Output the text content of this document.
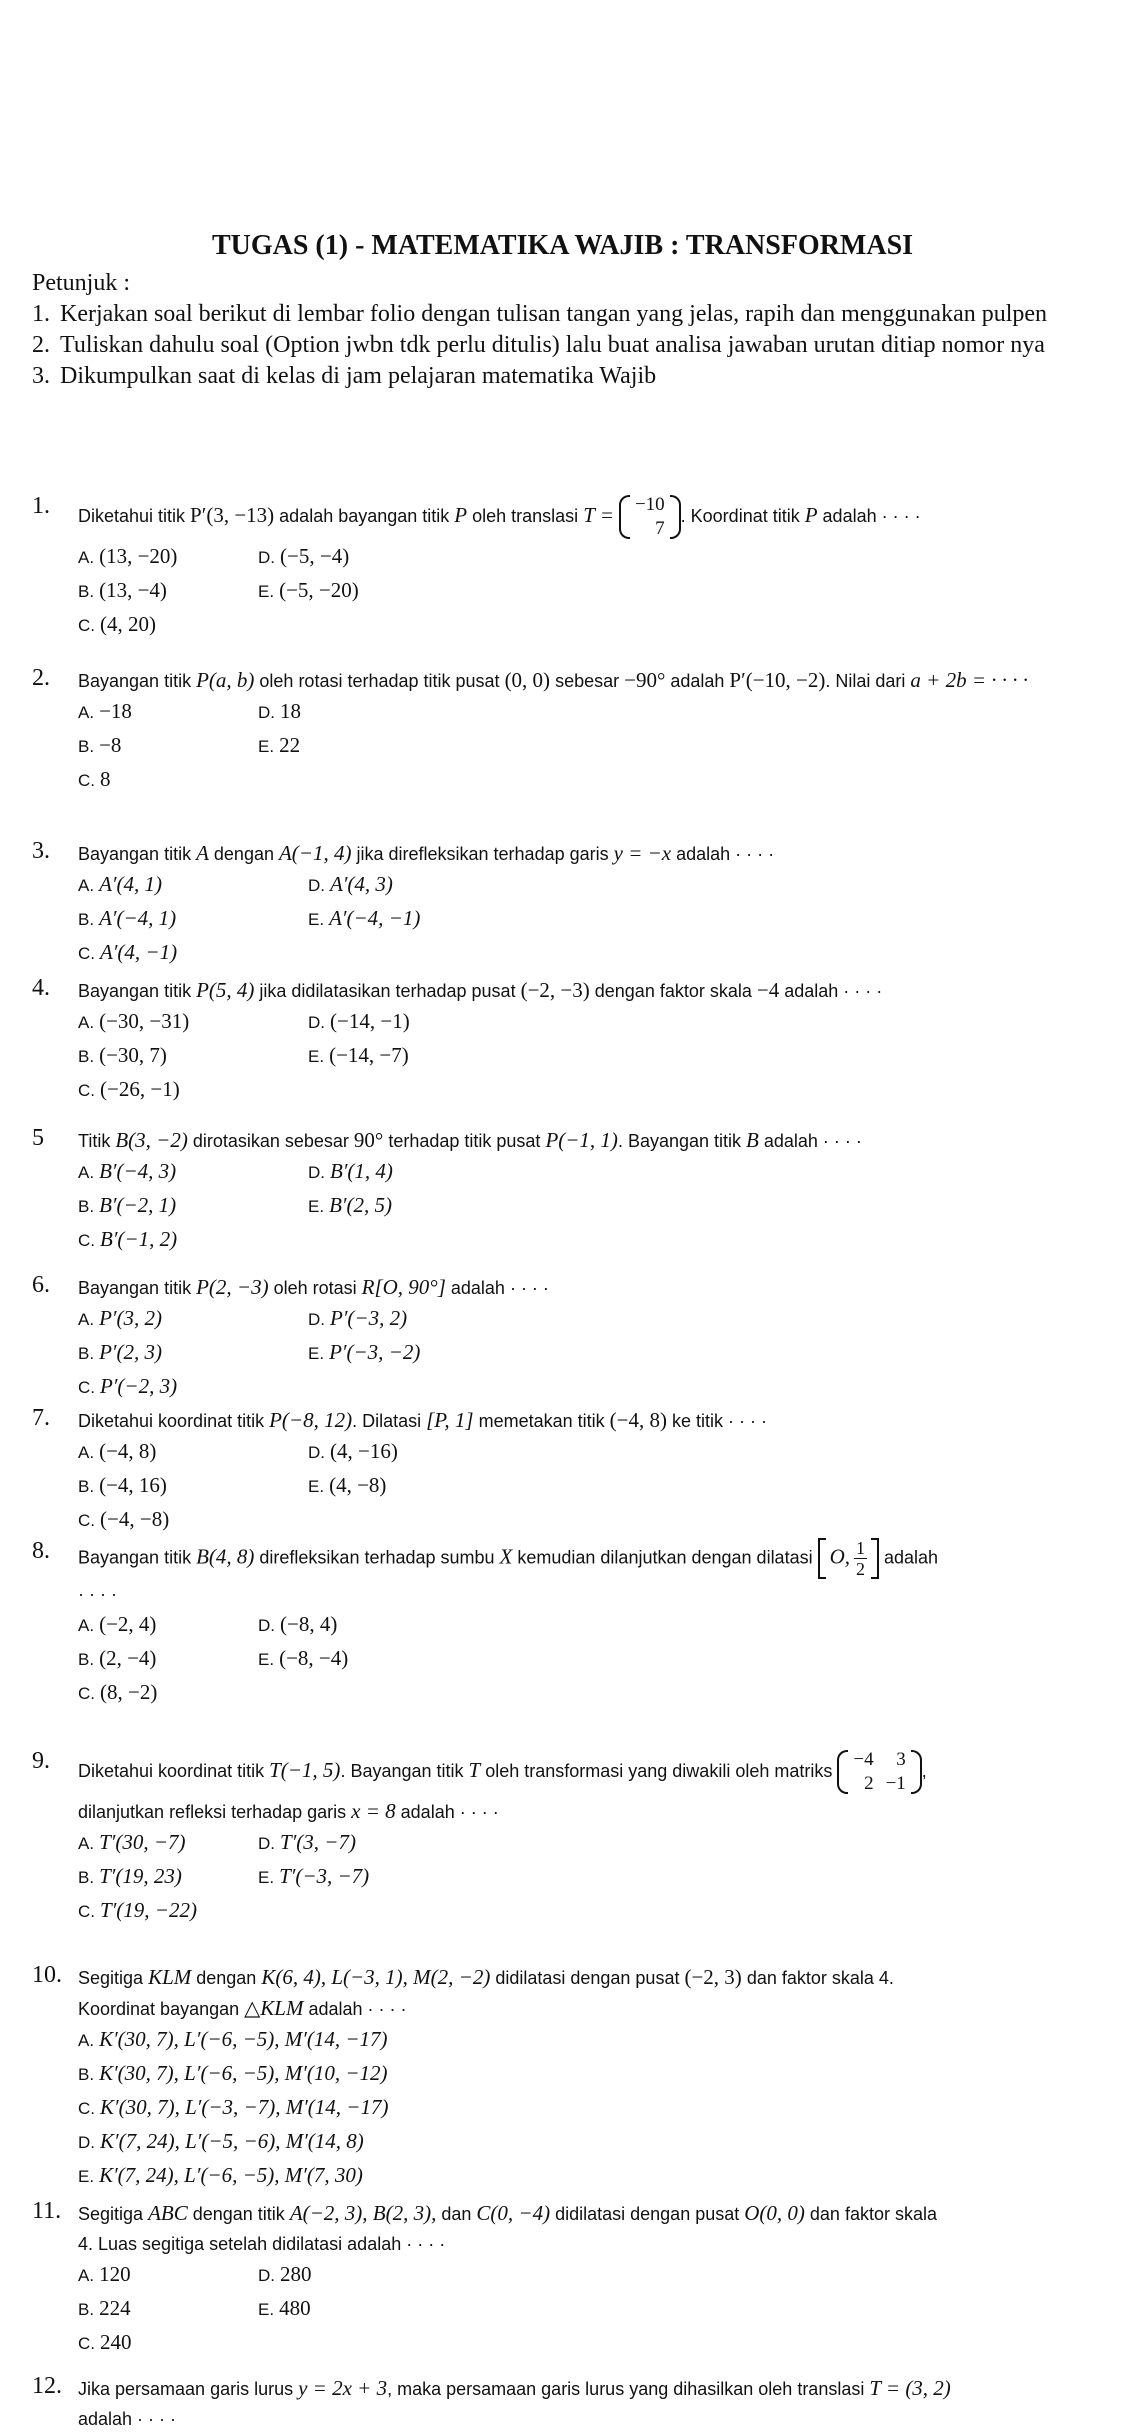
TUGAS (1) - MATEMATIKA WAJIB : TRANSFORMASI
Petunjuk :
1. Kerjakan soal berikut di lembar folio dengan tulisan tangan yang jelas, rapih dan menggunakan pulpen
2. Tuliskan dahulu soal (Option jwbn tdk perlu ditulis) lalu buat analisa jawaban urutan ditiap nomor nya
3. Dikumpulkan saat di kelas di jam pelajaran matematika Wajib
1. Diketahui titik P′(3, −13) adalah bayangan titik P oleh translasi T = −10
7
. Koordinat titik P adalah · · · ·
A. (13, −20)	D. (−5, −4)
B. (13, −4)	E. (−5, −20)
C. (4, 20)
2. Bayangan titik P(a, b) oleh rotasi terhadap titik pusat (0, 0) sebesar −90° adalah P′(−10, −2). Nilai dari a + 2b = · · · ·
A. −18	D. 18
B. −8	E. 22
C. 8
3. Bayangan titik A dengan A(−1, 4) jika direfleksikan terhadap garis y = −x adalah · · · ·
A. A′(4, 1)	D. A′(4, 3)
B. A′(−4, 1)	E. A′(−4, −1)
C. A′(4, −1)
4. Bayangan titik P(5, 4) jika didilatasikan terhadap pusat (−2, −3) dengan faktor skala −4 adalah · · · ·
A. (−30, −31)	D. (−14, −1)
B. (−30, 7)	E. (−14, −7)
C. (−26, −1)
5 Titik B(3, −2) dirotasikan sebesar 90° terhadap titik pusat P(−1, 1). Bayangan titik B adalah · · · ·
A. B′(−4, 3)	D. B′(1, 4)
B. B′(−2, 1)	E. B′(2, 5)
C. B′(−1, 2)
6. Bayangan titik P(2, −3) oleh rotasi R[O, 90°] adalah · · · ·
A. P′(3, 2)	D. P′(−3, 2)
B. P′(2, 3)	E. P′(−3, −2)
C. P′(−2, 3)
7. Diketahui koordinat titik P(−8, 12). Dilatasi [P, 1] memetakan titik (−4, 8) ke titik · · · ·
A. (−4, 8)	D. (4, −16)
B. (−4, 16)	E. (4, −8)
C. (−4, −8)
8. Bayangan titik B(4, 8) direfleksikan terhadap sumbu X kemudian dilanjutkan dengan dilatasi O, $\frac{1}{2}$ adalah
· · · ·
A. (−2, 4)	D. (−8, 4)
B. (2, −4)	E. (−8, −4)
C. (8, −2)
9. Diketahui koordinat titik T(−1, 5). Bayangan titik T oleh transformasi yang diwakili oleh matriks
−4	3
2	−1
,
dilanjutkan refleksi terhadap garis x = 8 adalah · · · ·
A. T′(30, −7)	D. T′(3, −7)
B. T′(19, 23)	E. T′(−3, −7)
C. T′(19, −22)
10. Segitiga KLM dengan K(6, 4), L(−3, 1), M(2, −2) didilatasi dengan pusat (−2, 3) dan faktor skala 4.
Koordinat bayangan △KLM adalah · · · ·
A. K′(30, 7), L′(−6, −5), M′(14, −17)
B. K′(30, 7), L′(−6, −5), M′(10, −12)
C. K′(30, 7), L′(−3, −7), M′(14, −17)
D. K′(7, 24), L′(−5, −6), M′(14, 8)
E. K′(7, 24), L′(−6, −5), M′(7, 30)
11. Segitiga ABC dengan titik A(−2, 3), B(2, 3), dan C(0, −4) didilatasi dengan pusat O(0, 0) dan faktor skala
4. Luas segitiga setelah didilatasi adalah · · · ·
A. 120	D. 280
B. 224	E. 480
C. 240
12. Jika persamaan garis lurus y = 2x + 3, maka persamaan garis lurus yang dihasilkan oleh translasi T = (3, 2)
adalah · · · ·
